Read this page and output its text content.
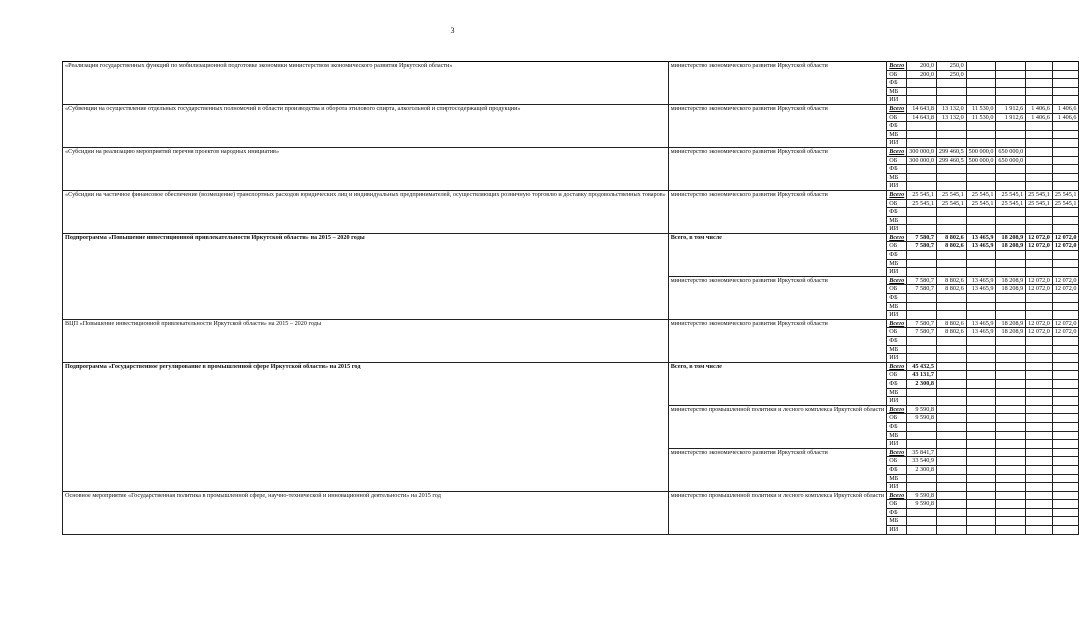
3
«Реализация государственных функций по мобилизационной подготовке экономики министерством экономического развития Иркутской области»	министерство экономического развития Иркутской области	Всего	200,0	250,0				
		ОБ	200,0	250,0				
		ФБ						
		МБ						
		ИИ						
«Субвенции на осуществление отдельных государственных полномочий в области производства и оборота этилового спирта, алкогольной и спиртосодержащей продукции»	министерство экономического развития Иркутской области	Всего	14 643,8	13 132,0	11 530,0	1 912,6	1 406,6	1 406,6
		ОБ	14 643,8	13 132,0	11 530,0	1 912,6	1 406,6	1 406,6
		ФБ						
		МБ						
		ИИ						
«Субсидии на реализацию мероприятий перечня проектов народных инициатив»	министерство экономического развития Иркутской области	Всего	300 000,0	299 460,5	500 000,0	650 000,0		
		ОБ	300 000,0	299 460,5	500 000,0	650 000,0		
		ФБ						
		МБ						
		ИИ						
«Субсидии на частичное финансовое обеспечение (возмещение) транспортных расходов юридических лиц и индивидуальных предпринимателей, осуществляющих розничную торговлю и доставку продовольственных товаров»	министерство экономического развития Иркутской области	Всего	25 545,1	25 545,1	25 545,1	25 545,1	25 545,1	25 545,1
		ОБ	25 545,1	25 545,1	25 545,1	25 545,1	25 545,1	25 545,1
		ФБ						
		МБ						
		ИИ						
Подпрограмма «Повышение инвестиционной привлекательности Иркутской области» на 2015 – 2020 годы	Всего, в том числе	Всего	7 580,7	8 802,6	13 465,9	18 208,9	12 072,0	12 072,0
		ОБ	7 580,7	8 802,6	13 465,9	18 208,9	12 072,0	12 072,0
		ФБ						
		МБ						
		ИИ						
	министерство экономического развития Иркутской области	Всего	7 580,7	8 802,6	13 465,9	18 208,9	12 072,0	12 072,0
		ОБ	7 580,7	8 802,6	13 465,9	18 208,9	12 072,0	12 072,0
		ФБ						
		МБ						
		ИИ						
ВЦП «Повышение инвестиционной привлекательности Иркутской области» на 2015 – 2020 годы	министерство экономического развития Иркутской области	Всего	7 580,7	8 802,6	13 465,9	18 208,9	12 072,0	12 072,0
		ОБ	7 580,7	8 802,6	13 465,9	18 208,9	12 072,0	12 072,0
		ФБ						
		МБ						
		ИИ						
Подпрограмма «Государственное регулирование в промышленной сфере Иркутской области» на 2015 год	Всего, в том числе	Всего	45 432,5					
		ОБ	43 131,7					
		ФБ	2 300,8					
		МБ						
		ИИ						
	министерство промышленной политики и лесного комплекса Иркутской области	Всего	9 590,8					
		ОБ	9 590,8					
		ФБ						
		МБ						
		ИИ						
	министерство экономического развития Иркутской области	Всего	35 841,7					
		ОБ	33 540,9					
		ФБ	2 300,8					
		МБ						
		ИИ						
Основное мероприятие «Государственная политика в промышленной сфере, научно-технической и инновационной деятельности» на 2015 год	министерство промышленной политики и лесного комплекса Иркутской области	Всего	9 590,8					
		ОБ	9 590,8					
		ФБ						
		МБ						
		ИИ						
